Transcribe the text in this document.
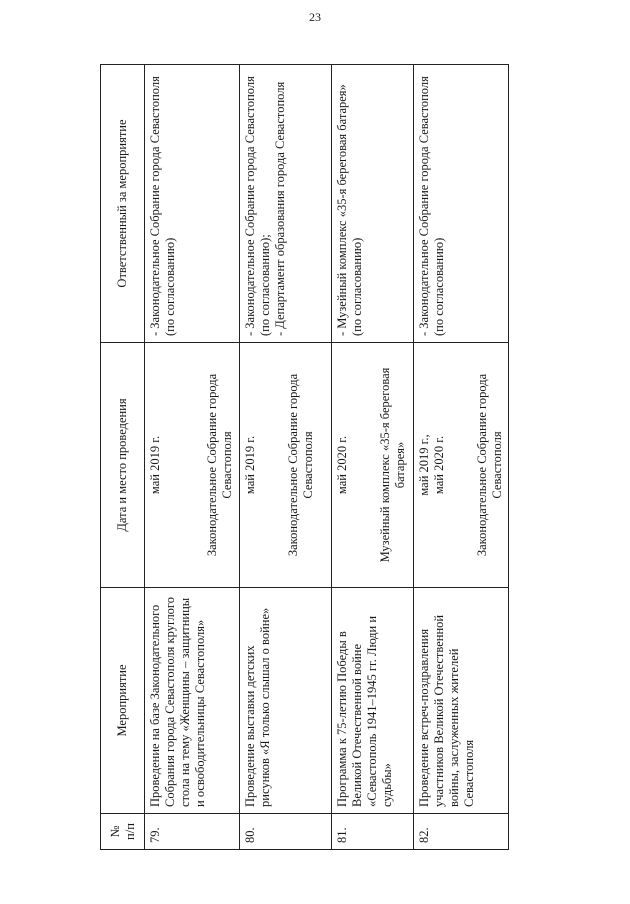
23
№ п/п	Мероприятие	Дата и место проведения	Ответственный за мероприятие
79.	Проведение на базе Законодательного Собрания города Севастополя круглого стола на тему «Женщины – защитницы и освободительницы Севастополя»	май 2019 г. Законодательное Собрание города Севастополя	- Законодательное Собрание города Севастополя (по согласованию)
80.	Проведение выставки детских рисунков «Я только слышал о войне»	май 2019 г. Законодательное Собрание города Севастополя	- Законодательное Собрание города Севастополя (по согласованию); - Департамент образования города Севастополя

81.	Программа к 75-летию Победы в Великой Отечественной войне «Севастополь 1941–1945 гг. Люди и судьбы»	май 2020 г. Музейный комплекс «35-я береговая батарея»	- Музейный комплекс «35-я береговая батарея» (по согласованию)

82.	Проведение встреч-поздравления участников Великой Отечественной войны, заслуженных жителей Севастополя	май 2019 г., май 2020 г. Законодательное Собрание города Севастополя	- Законодательное Собрание города Севастополя (по согласованию)
